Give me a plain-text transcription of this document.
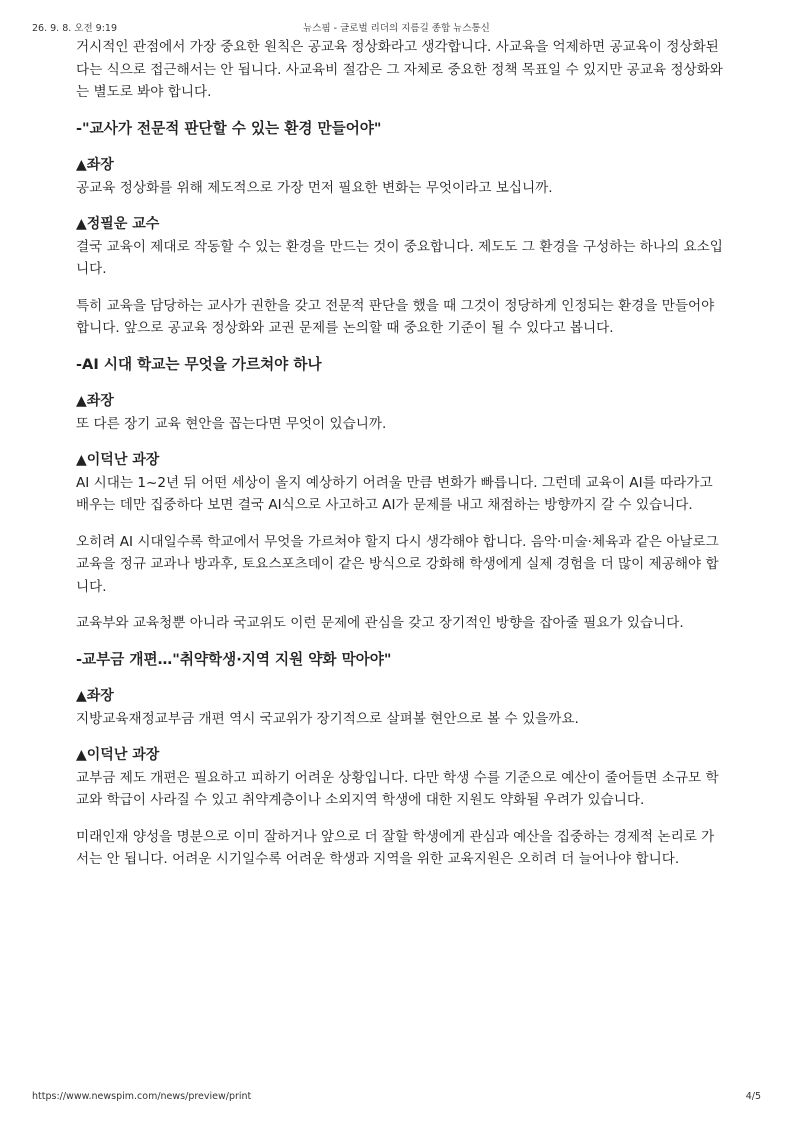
26. 9. 8. 오전 9:19	뉴스핌 - 글로벌 리더의 지름길 종합 뉴스통신

거시적인 관점에서 가장 중요한 원칙은 공교육 정상화라고 생각합니다. 사교육을 억제하면 공교육이 정상화된다는 식으로 접근해서는 안 됩니다. 사교육비 절감은 그 자체로 중요한 정책 목표일 수 있지만 공교육 정상화와는 별도로 봐야 합니다.

-"교사가 전문적 판단할 수 있는 환경 만들어야"
▲좌장

공교육 정상화를 위해 제도적으로 가장 먼저 필요한 변화는 무엇이라고 보십니까.

▲정필운 교수

결국 교육이 제대로 작동할 수 있는 환경을 만드는 것이 중요합니다. 제도도 그 환경을 구성하는 하나의 요소입니다.

특히 교육을 담당하는 교사가 권한을 갖고 전문적 판단을 했을 때 그것이 정당하게 인정되는 환경을 만들어야 합니다. 앞으로 공교육 정상화와 교권 문제를 논의할 때 중요한 기준이 될 수 있다고 봅니다.

-AI 시대 학교는 무엇을 가르쳐야 하나
▲좌장

또 다른 장기 교육 현안을 꼽는다면 무엇이 있습니까.

▲이덕난 과장

AI 시대는 1~2년 뒤 어떤 세상이 올지 예상하기 어려울 만큼 변화가 빠릅니다. 그런데 교육이 AI를 따라가고 배우는 데만 집중하다 보면 결국 AI식으로 사고하고 AI가 문제를 내고 채점하는 방향까지 갈 수 있습니다.

오히려 AI 시대일수록 학교에서 무엇을 가르쳐야 할지 다시 생각해야 합니다. 음악·미술·체육과 같은 아날로그 교육을 정규 교과나 방과후, 토요스포츠데이 같은 방식으로 강화해 학생에게 실제 경험을 더 많이 제공해야 합니다.

교육부와 교육청뿐 아니라 국교위도 이런 문제에 관심을 갖고 장기적인 방향을 잡아줄 필요가 있습니다.

-교부금 개편…"취약학생·지역 지원 약화 막아야"
▲좌장

지방교육재정교부금 개편 역시 국교위가 장기적으로 살펴볼 현안으로 볼 수 있을까요.

▲이덕난 과장

교부금 제도 개편은 필요하고 피하기 어려운 상황입니다. 다만 학생 수를 기준으로 예산이 줄어들면 소규모 학교와 학급이 사라질 수 있고 취약계층이나 소외지역 학생에 대한 지원도 약화될 우려가 있습니다.

미래인재 양성을 명분으로 이미 잘하거나 앞으로 더 잘할 학생에게 관심과 예산을 집중하는 경제적 논리로 가서는 안 됩니다. 어려운 시기일수록 어려운 학생과 지역을 위한 교육지원은 오히려 더 늘어나야 합니다.

https://www.newspim.com/news/preview/print	4/5
